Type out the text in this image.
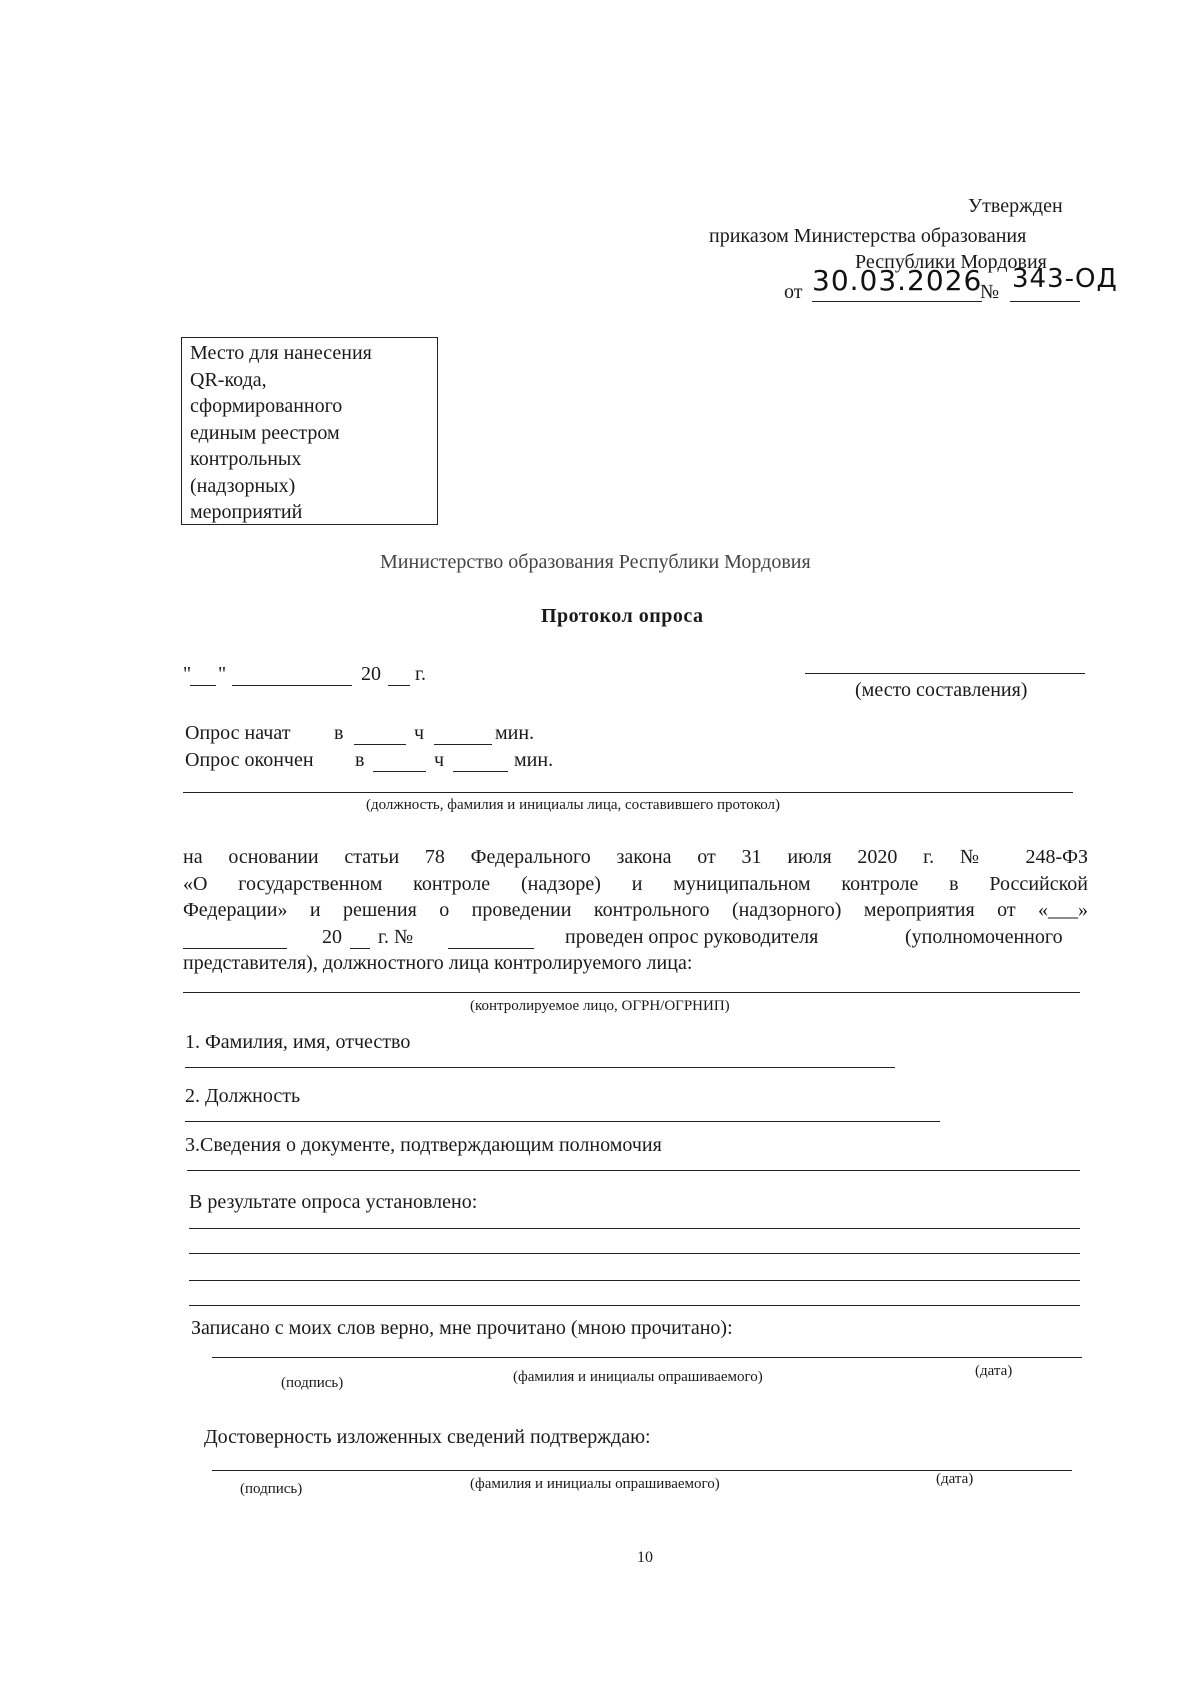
Утвержден
приказом Министерства образования
Республики Мордовия
от 30.03.2026
№ 343-ОД
Место для нанесения
QR-кода,
сформированного
единым реестром
контрольных
(надзорных)
мероприятий
Министерство образования Республики Мордовия
Протокол опроса
" "	20 г.
(место составления)
Опрос начат в	ч	мин.
Опрос окончен в	ч	мин.
(должность, фамилия и инициалы лица, составившего протокол)
на основании статьи 78 Федерального закона от 31 июля 2020 г. № 248-ФЗ
«О государственном контроле (надзоре) и муниципальном контроле в Российской
Федерации» и решения о проведении контрольного (надзорного) мероприятия от «___»
20 г. №	проведен опрос руководителя	(уполномоченного
представителя), должностного лица контролируемого лица:
(контролируемое лицо, ОГРН/ОГРНИП)
1. Фамилия, имя, отчество
2. Должность
3.Сведения о документе, подтверждающим полномочия
В результате опроса установлено:
Записано с моих слов верно, мне прочитано (мною прочитано):
(подпись)	(фамилия и инициалы опрашиваемого)	(дата)
Достоверность изложенных сведений подтверждаю:
(подпись)	(фамилия и инициалы опрашиваемого)	(дата)
10
